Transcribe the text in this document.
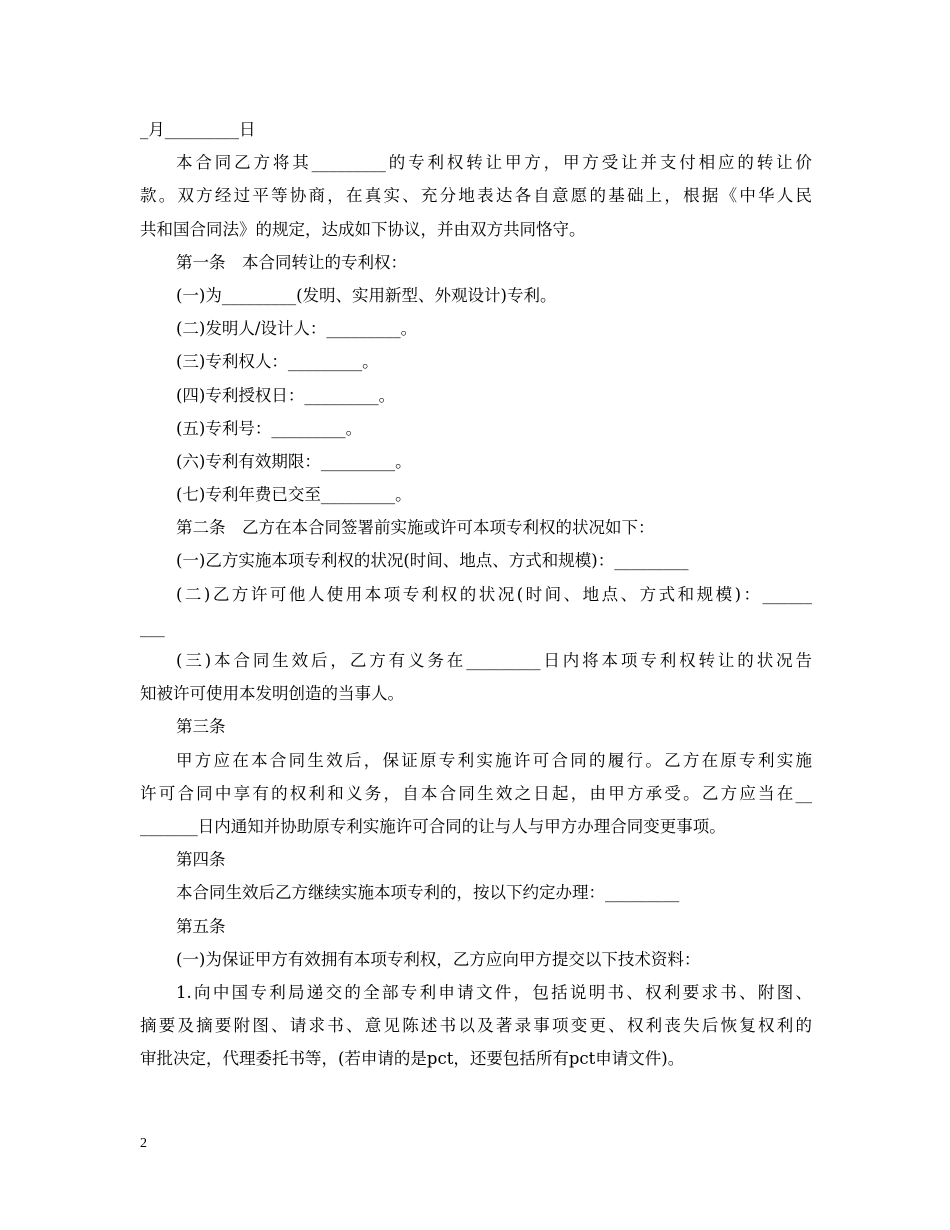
_月_________日
本合同乙方将其_________的专利权转让甲方，甲方受让并支付相应的转让价
款。双方经过平等协商，在真实、充分地表达各自意愿的基础上，根据《中华人民
共和国合同法》的规定，达成如下协议，并由双方共同恪守。
第一条　本合同转让的专利权：
(一)为_________(发明、实用新型、外观设计)专利。
(二)发明人/设计人：_________。
(三)专利权人：_________。
(四)专利授权日：_________。
(五)专利号：_________。
(六)专利有效期限：_________。
(七)专利年费已交至_________。
第二条　乙方在本合同签署前实施或许可本项专利权的状况如下：
(一)乙方实施本项专利权的状况(时间、地点、方式和规模)：_________
(二)乙方许可他人使用本项专利权的状况(时间、地点、方式和规模)：______
___
(三)本合同生效后，乙方有义务在_________日内将本项专利权转让的状况告
知被许可使用本发明创造的当事人。
第三条
甲方应在本合同生效后，保证原专利实施许可合同的履行。乙方在原专利实施
许可合同中享有的权利和义务，自本合同生效之日起，由甲方承受。乙方应当在__
_______日内通知并协助原专利实施许可合同的让与人与甲方办理合同变更事项。
第四条
本合同生效后乙方继续实施本项专利的，按以下约定办理：_________
第五条
(一)为保证甲方有效拥有本项专利权，乙方应向甲方提交以下技术资料：
1.向中国专利局递交的全部专利申请文件，包括说明书、权利要求书、附图、
摘要及摘要附图、请求书、意见陈述书以及著录事项变更、权利丧失后恢复权利的
审批决定，代理委托书等，(若申请的是pct，还要包括所有pct申请文件)。
2
